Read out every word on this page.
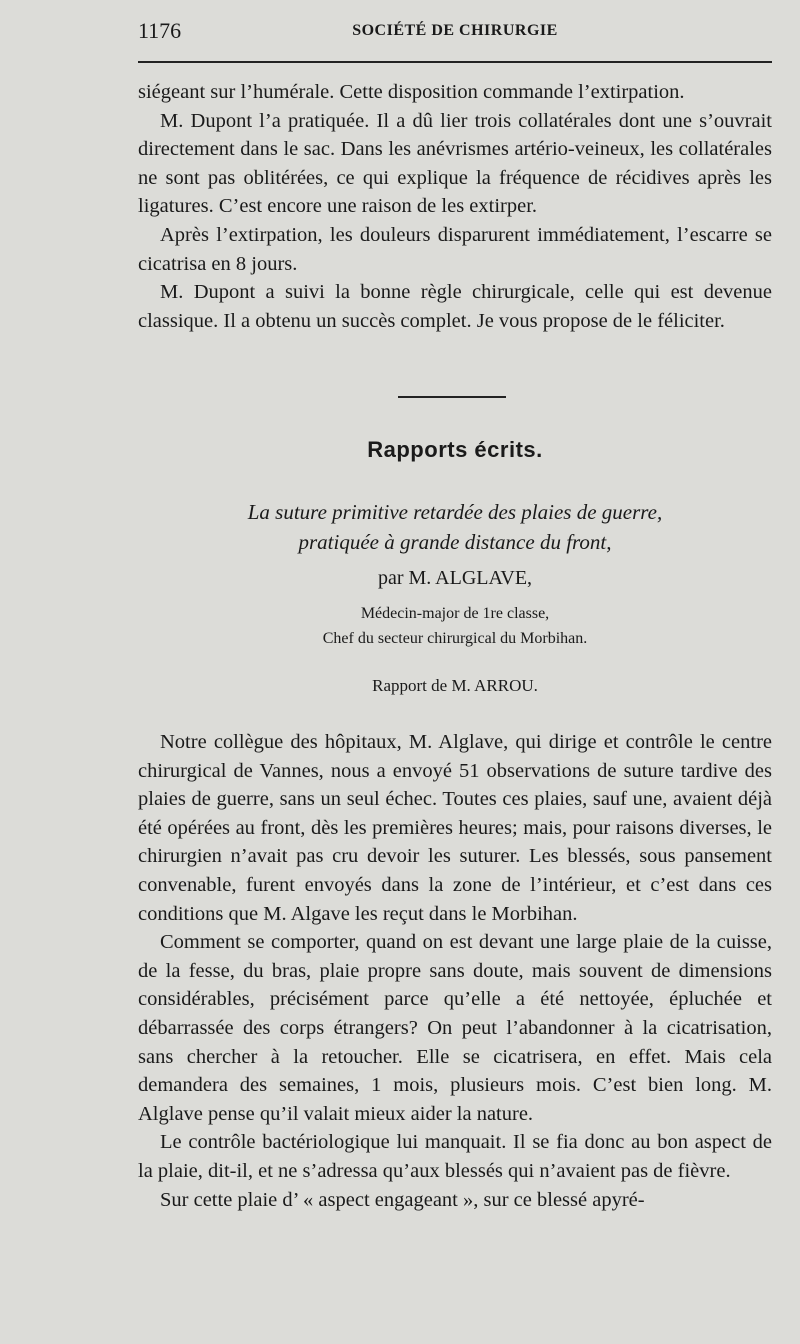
1176	SOCIÉTÉ DE CHIRURGIE

siégeant sur l’humérale. Cette disposition commande l’extirpation.

M. Dupont l’a pratiquée. Il a dû lier trois collatérales dont une s’ouvrait directement dans le sac. Dans les anévrismes artério-veineux, les collatérales ne sont pas oblitérées, ce qui explique la fréquence de récidives après les ligatures. C’est encore une raison de les extirper.

Après l’extirpation, les douleurs disparurent immédiatement, l’escarre se cicatrisa en 8 jours.

M. Dupont a suivi la bonne règle chirurgicale, celle qui est devenue classique. Il a obtenu un succès complet. Je vous propose de le féliciter.

Rapports écrits.
La suture primitive retardée des plaies de guerre,
pratiquée à grande distance du front,
par M. ALGLAVE,
Médecin-major de 1re classe,
Chef du secteur chirurgical du Morbihan.
Rapport de M. ARROU.

Notre collègue des hôpitaux, M. Alglave, qui dirige et contrôle le centre chirurgical de Vannes, nous a envoyé 51 observations de suture tardive des plaies de guerre, sans un seul échec. Toutes ces plaies, sauf une, avaient déjà été opérées au front, dès les premières heures; mais, pour raisons diverses, le chirurgien n’avait pas cru devoir les suturer. Les blessés, sous pansement convenable, furent envoyés dans la zone de l’intérieur, et c’est dans ces conditions que M. Algave les reçut dans le Morbihan.

Comment se comporter, quand on est devant une large plaie de la cuisse, de la fesse, du bras, plaie propre sans doute, mais souvent de dimensions considérables, précisément parce qu’elle a été nettoyée, épluchée et débarrassée des corps étrangers? On peut l’abandonner à la cicatrisation, sans chercher à la retoucher. Elle se cicatrisera, en effet. Mais cela demandera des semaines, 1 mois, plusieurs mois. C’est bien long. M. Alglave pense qu’il valait mieux aider la nature.

Le contrôle bactériologique lui manquait. Il se fia donc au bon aspect de la plaie, dit-il, et ne s’adressa qu’aux blessés qui n’avaient pas de fièvre.

Sur cette plaie d’ « aspect engageant », sur ce blessé apyré-
